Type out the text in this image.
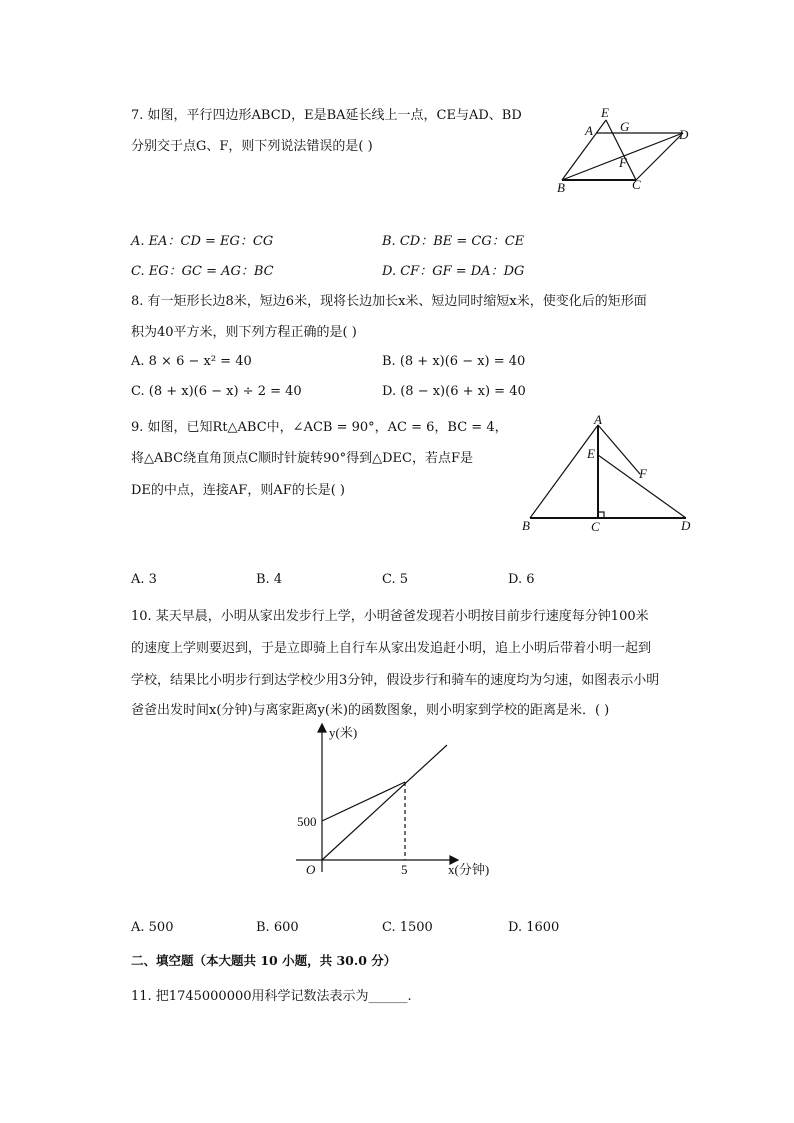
7. 如图，平行四边形ABCD，E是BA延长线上一点，CE与AD、BD
分别交于点G、F，则下列说法错误的是( )
E
A G
D
F
B	C
A. EA：CD = EG：CG	B. CD：BE = CG：CE
C. EG：GC = AG：BC	D. CF：GF = DA：DG
8. 有一矩形长边8米，短边6米，现将长边加长x米、短边同时缩短x米，使变化后的矩形面
积为40平方米，则下列方程正确的是( )
A. 8 × 6 − x² = 40	B. (8 + x)(6 − x) = 40
C. (8 + x)(6 − x) ÷ 2 = 40	D. (8 − x)(6 + x) = 40
9. 如图，已知Rt△ABC中，∠ACB = 90°，AC = 6，BC = 4，
将△ABC绕直角顶点C顺时针旋转90°得到△DEC，若点F是
DE的中点，连接AF，则AF的长是( )
A
E
F
B	C	D
A. 3	B. 4	C. 5	D. 6
10. 某天早晨，小明从家出发步行上学，小明爸爸发现若小明按目前步行速度每分钟100米
的速度上学则要迟到，于是立即骑上自行车从家出发追赶小明，追上小明后带着小明一起到
学校，结果比小明步行到达学校少用3分钟，假设步行和骑车的速度均为匀速，如图表示小明
爸爸出发时间x(分钟)与离家距离y(米)的函数图象，则小明家到学校的距离是米．( )
y(米)
500
O	5	x(分钟)
A. 500	B. 600	C. 1500	D. 1600
二、填空题（本大题共 10 小题，共 30.0 分）
11. 把1745000000用科学记数法表示为______.
